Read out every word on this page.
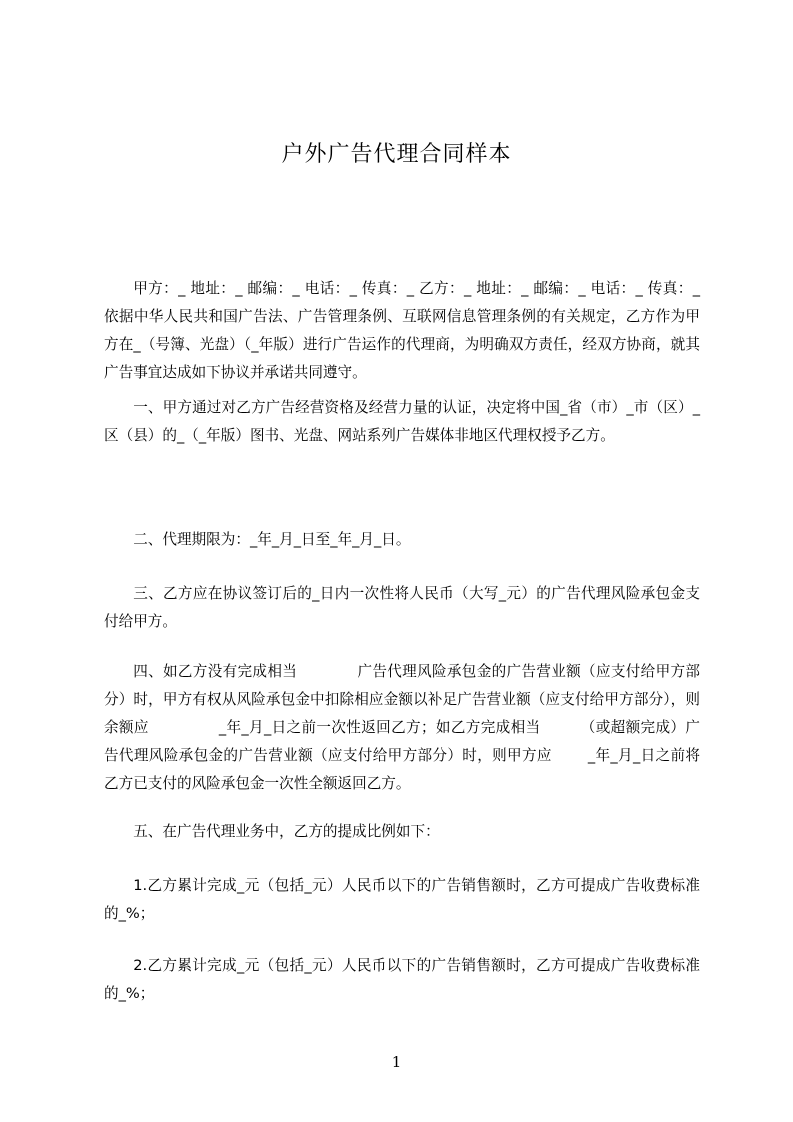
户外广告代理合同样本

甲方：_ 地址：_ 邮编：_ 电话：_ 传真：_ 乙方：_ 地址：_ 邮编：_ 电话：_ 传真：_ 依据中华人民共和国广告法、广告管理条例、互联网信息管理条例的有关规定，乙方作为甲方在_（号簿、光盘）（_年版）进行广告运作的代理商，为明确双方责任，经双方协商，就其广告事宜达成如下协议并承诺共同遵守。

一、甲方通过对乙方广告经营资格及经营力量的认证，决定将中国_省（市）_市（区）_区（县）的_（_年版）图书、光盘、网站系列广告媒体非地区代理权授予乙方。

二、代理期限为：_年_月_日至_年_月_日。

三、乙方应在协议签订后的_日内一次性将人民币（大写_元）的广告代理风险承包金支付给甲方。

四、如乙方没有完成相当	广告代理风险承包金的广告营业额（应支付给甲方部分）时，甲方有权从风险承包金中扣除相应金额以补足广告营业额（应支付给甲方部分），则余额应	_年_月_日之前一次性返回乙方；如乙方完成相当	（或超额完成）广告代理风险承包金的广告营业额（应支付给甲方部分）时，则甲方应 _年_月_日之前将乙方已支付的风险承包金一次性全额返回乙方。

五、在广告代理业务中，乙方的提成比例如下：

1.乙方累计完成_元（包括_元）人民币以下的广告销售额时，乙方可提成广告收费标准的_%；

2.乙方累计完成_元（包括_元）人民币以下的广告销售额时，乙方可提成广告收费标准的_%；

1
